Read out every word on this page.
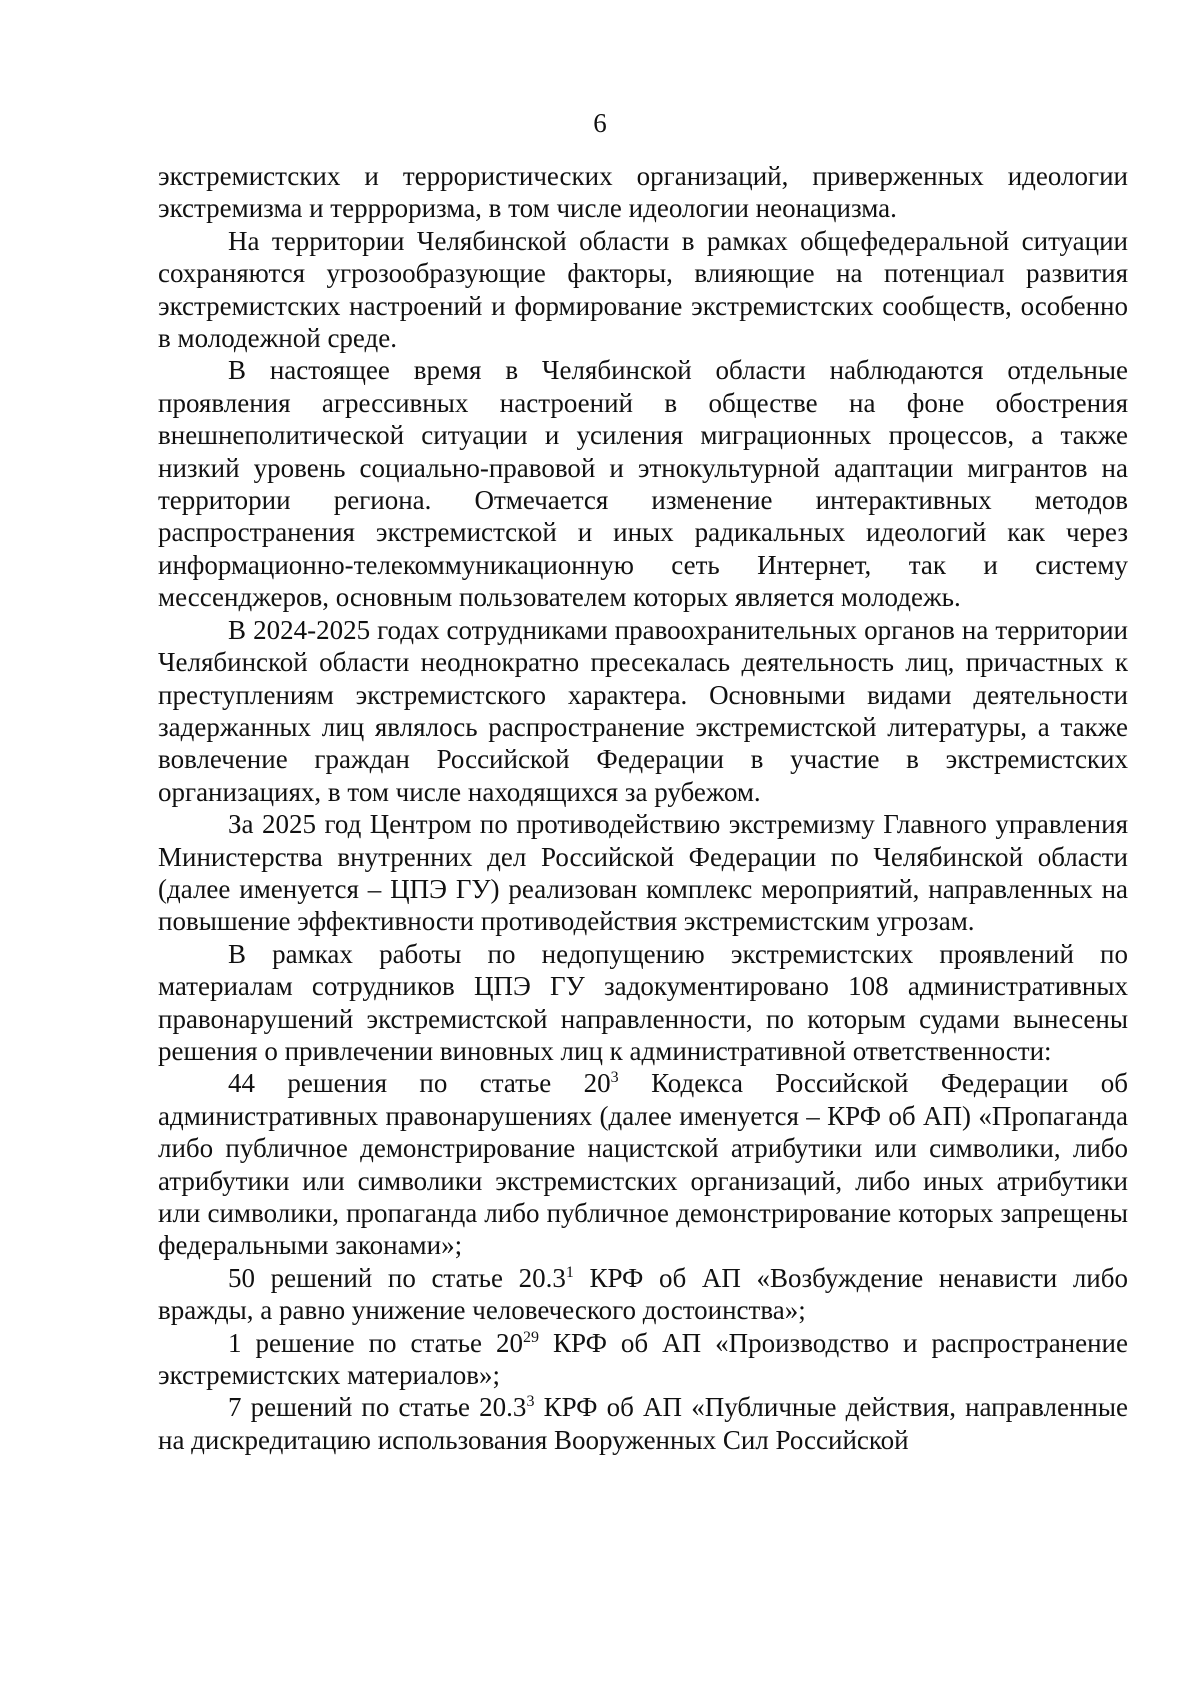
6

экстремистских и террористических организаций, приверженных идеологии экстремизма и террроризма, в том числе идеологии неонацизма.

На территории Челябинской области в рамках общефедеральной ситуации сохраняются угрозообразующие факторы, влияющие на потенциал развития экстремистских настроений и формирование экстремистских сообществ, особенно в молодежной среде.

В настоящее время в Челябинской области наблюдаются отдельные проявления агрессивных настроений в обществе на фоне обострения внешнеполитической ситуации и усиления миграционных процессов, а также низкий уровень социально-правовой и этнокультурной адаптации мигрантов на территории региона. Отмечается изменение интерактивных методов распространения экстремистской и иных радикальных идеологий как через информационно-телекоммуникационную сеть Интернет, так и систему мессенджеров, основным пользователем которых является молодежь.

В 2024-2025 годах сотрудниками правоохранительных органов на территории Челябинской области неоднократно пресекалась деятельность лиц, причастных к преступлениям экстремистского характера. Основными видами деятельности задержанных лиц являлось распространение экстремистской литературы, а также вовлечение граждан Российской Федерации в участие в экстремистских организациях, в том числе находящихся за рубежом.

За 2025 год Центром по противодействию экстремизму Главного управления Министерства внутренних дел Российской Федерации по Челябинской области (далее именуется – ЦПЭ ГУ) реализован комплекс мероприятий, направленных на повышение эффективности противодействия экстремистским угрозам.

В рамках работы по недопущению экстремистских проявлений по материалам сотрудников ЦПЭ ГУ задокументировано 108 административных правонарушений экстремистской направленности, по которым судами вынесены решения о привлечении виновных лиц к административной ответственности:

44 решения по статье $20^3$ Кодекса Российской Федерации об административных правонарушениях (далее именуется – КРФ об АП) «Пропаганда либо публичное демонстрирование нацистской атрибутики или символики, либо атрибутики или символики экстремистских организаций, либо иных атрибутики или символики, пропаганда либо публичное демонстрирование которых запрещены федеральными законами»;

50 решений по статье 20.3$^1$ КРФ об АП «Возбуждение ненависти либо вражды, а равно унижение человеческого достоинства»;

1 решение по статье $20^{29}$ КРФ об АП «Производство и распространение экстремистских материалов»;

7 решений по статье 20.3$^3$ КРФ об АП «Публичные действия, направленные на дискредитацию использования Вооруженных Сил Российской
